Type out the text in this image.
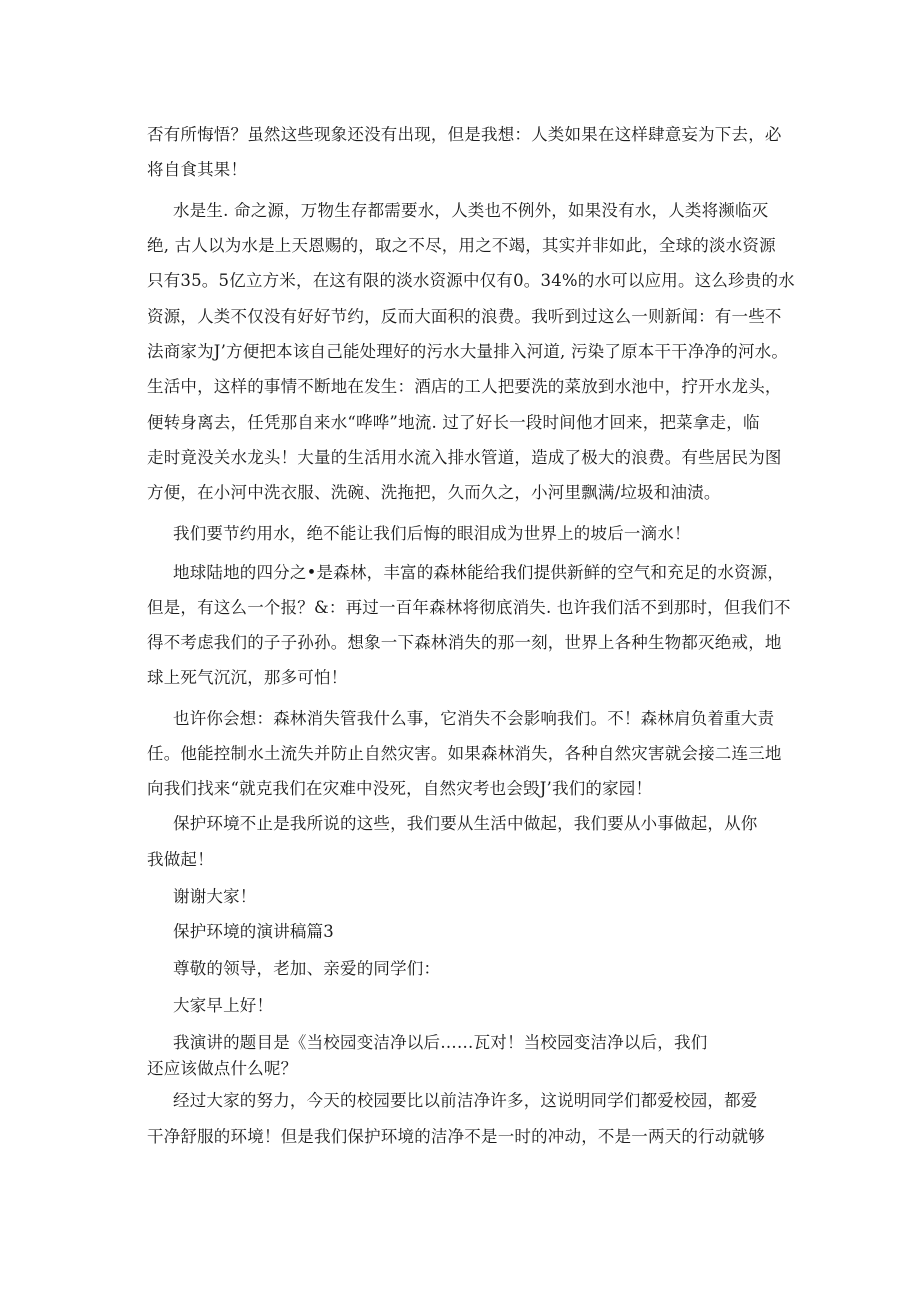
否有所悔悟？虽然这些现象还没有出现，但是我想：人类如果在这样肆意妄为下去，必
将自食其果！
水是生. 命之源，万物生存都需要水，人类也不例外，如果没有水，人类将濒临灭
绝, 古人以为水是上天恩赐的，取之不尽，用之不竭，其实并非如此，全球的淡水资源
只有35。5亿立方米，在这有限的淡水资源中仅有0。34%的水可以应用。这么珍贵的水
资源，人类不仅没有好好节约，反而大面积的浪费。我听到过这么一则新闻：有一些不
法商家为J’方便把本该自己能处理好的污水大量排入河道, 污染了原本干干净净的河水。
生活中，这样的事情不断地在发生：酒店的工人把要洗的菜放到水池中，拧开水龙头，
便转身离去，任凭那自来水“哗哗”地流. 过了好长一段时间他才回来，把菜拿走，临
走时竟没关水龙头！大量的生活用水流入排水管道，造成了极大的浪费。有些居民为图
方便，在小河中洗衣服、洗碗、洗拖把，久而久之，小河里飘满/垃圾和油渍。
我们要节约用水，绝不能让我们后悔的眼泪成为世界上的坡后一滴水！
地球陆地的四分之•是森林，丰富的森林能给我们提供新鲜的空气和充足的水资源，
但是，有这么一个报？&：再过一百年森林将彻底消失. 也许我们活不到那时，但我们不
得不考虑我们的子子孙孙。想象一下森林消失的那一刻，世界上各种生物都灭绝戒，地
球上死气沉沉，那多可怕！
也许你会想：森林消失管我什么事，它消失不会影响我们。不！森林肩负着重大责
任。他能控制水土流失并防止自然灾害。如果森林消失，各种自然灾害就会接二连三地
向我们找来“就克我们在灾难中没死，自然灾考也会毁J’我们的家园！
保护环境不止是我所说的这些，我们要从生活中做起，我们要从小事做起，从你
我做起！
谢谢大家！
保护环境的演讲稿篇3
尊敬的领导，老加、亲爱的同学们：
大家早上好！
我演讲的题目是《当校园变洁净以后……瓦对！当校园变洁净以后，我们
还应该做点什么呢？
经过大家的努力，今天的校园要比以前洁净许多，这说明同学们都爱校园，都爱
干净舒服的环境！但是我们保护环境的洁净不是一时的冲动，不是一两天的行动就够
